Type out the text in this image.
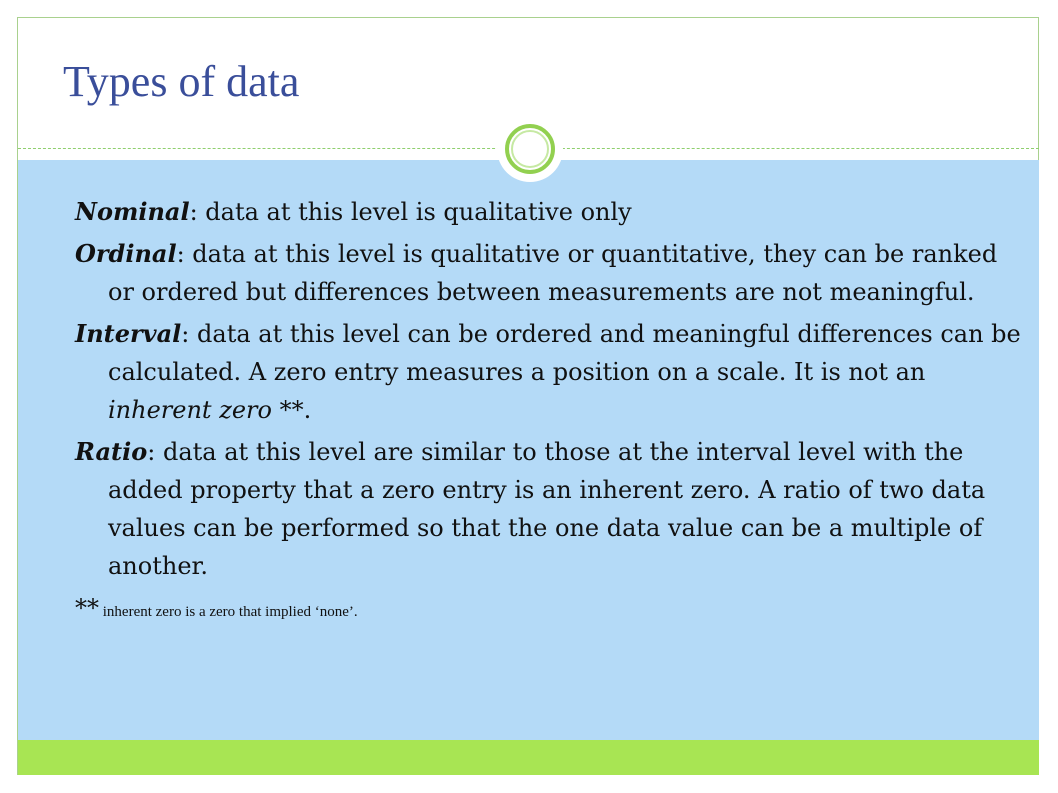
Types of data

Nominal: data at this level is qualitative only

Ordinal: data at this level is qualitative or quantitative, they can be ranked or ordered but differences between measurements are not meaningful.

Interval: data at this level can be ordered and meaningful differences can be calculated. A zero entry measures a position on a scale. It is not an inherent zero **.

Ratio: data at this level are similar to those at the interval level with the added property that a zero entry is an inherent zero. A ratio of two data values can be performed so that the one data value can be a multiple of another.

** inherent zero is a zero that implied ‘none’.
